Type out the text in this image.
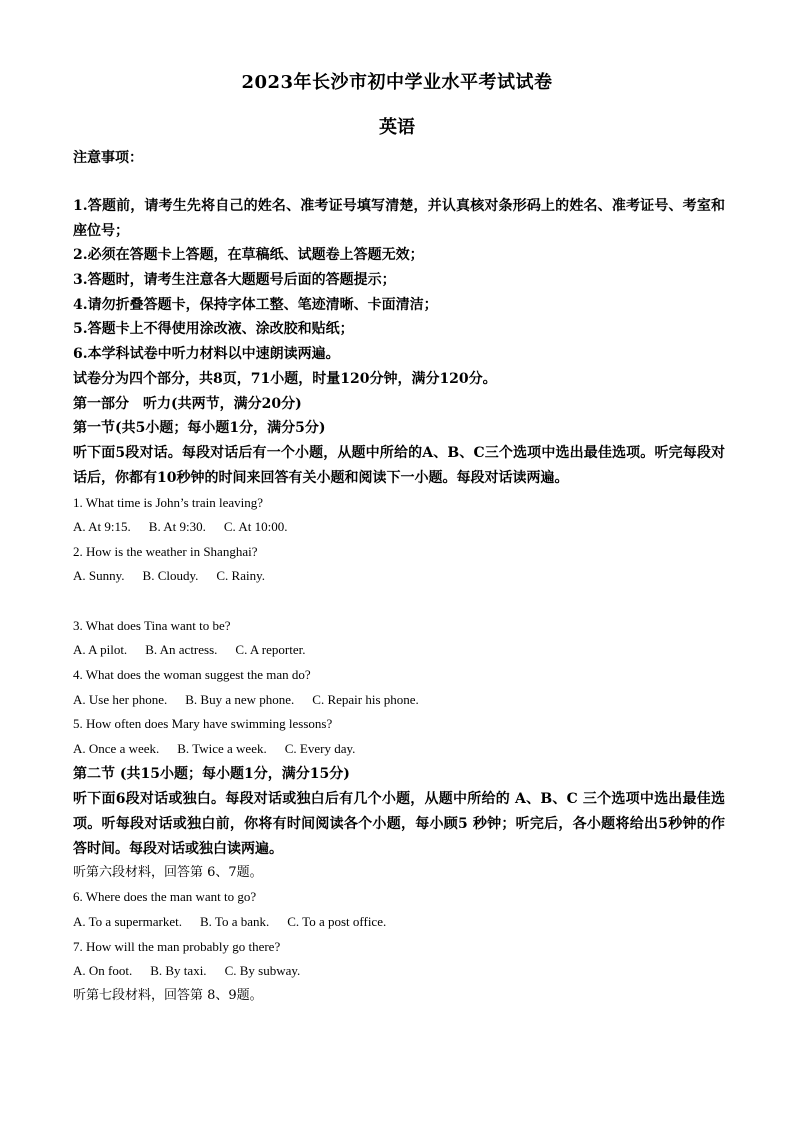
2023年长沙市初中学业水平考试试卷
英语
注意事项：
1.答题前，请考生先将自己的姓名、准考证号填写清楚，并认真核对条形码上的姓名、准考证号、考室和座位号；
2.必须在答题卡上答题，在草稿纸、试题卷上答题无效；
3.答题时，请考生注意各大题题号后面的答题提示；
4.请勿折叠答题卡，保持字体工整、笔迹清晰、卡面清洁；
5.答题卡上不得使用涂改液、涂改胶和贴纸；
6.本学科试卷中听力材料以中速朗读两遍。
试卷分为四个部分，共8页，71小题，时量120分钟，满分120分。
第一部分　听力(共两节，满分20分)
第一节(共5小题；每小题1分，满分5分)
听下面5段对话。每段对话后有一个小题，从题中所给的A、B、C三个选项中选出最佳选项。听完每段对话后，你都有10秒钟的时间来回答有关小题和阅读下一小题。每段对话读两遍。
1. What time is John’s train leaving?
A. At 9:15. B. At 9:30. C. At 10:00.
2. How is the weather in Shanghai?
A. Sunny. B. Cloudy. C. Rainy.
3. What does Tina want to be?
A. A pilot. B. An actress. C. A reporter.
4. What does the woman suggest the man do?
A. Use her phone. B. Buy a new phone. C. Repair his phone.
5. How often does Mary have swimming lessons?
A. Once a week. B. Twice a week. C. Every day.
第二节 (共15小题；每小题1分，满分15分)
听下面6段对话或独白。每段对话或独白后有几个小题，从题中所给的 A、B、C 三个选项中选出最佳选项。听每段对话或独白前，你将有时间阅读各个小题，每小顾5 秒钟；听完后，各小题将给出5秒钟的作答时间。每段对话或独白读两遍。
听第六段材料，回答第 6、7题。
6. Where does the man want to go?
A. To a supermarket. B. To a bank. C. To a post office.
7. How will the man probably go there?
A. On foot. B. By taxi. C. By subway.
听第七段材料，回答第 8、9题。
